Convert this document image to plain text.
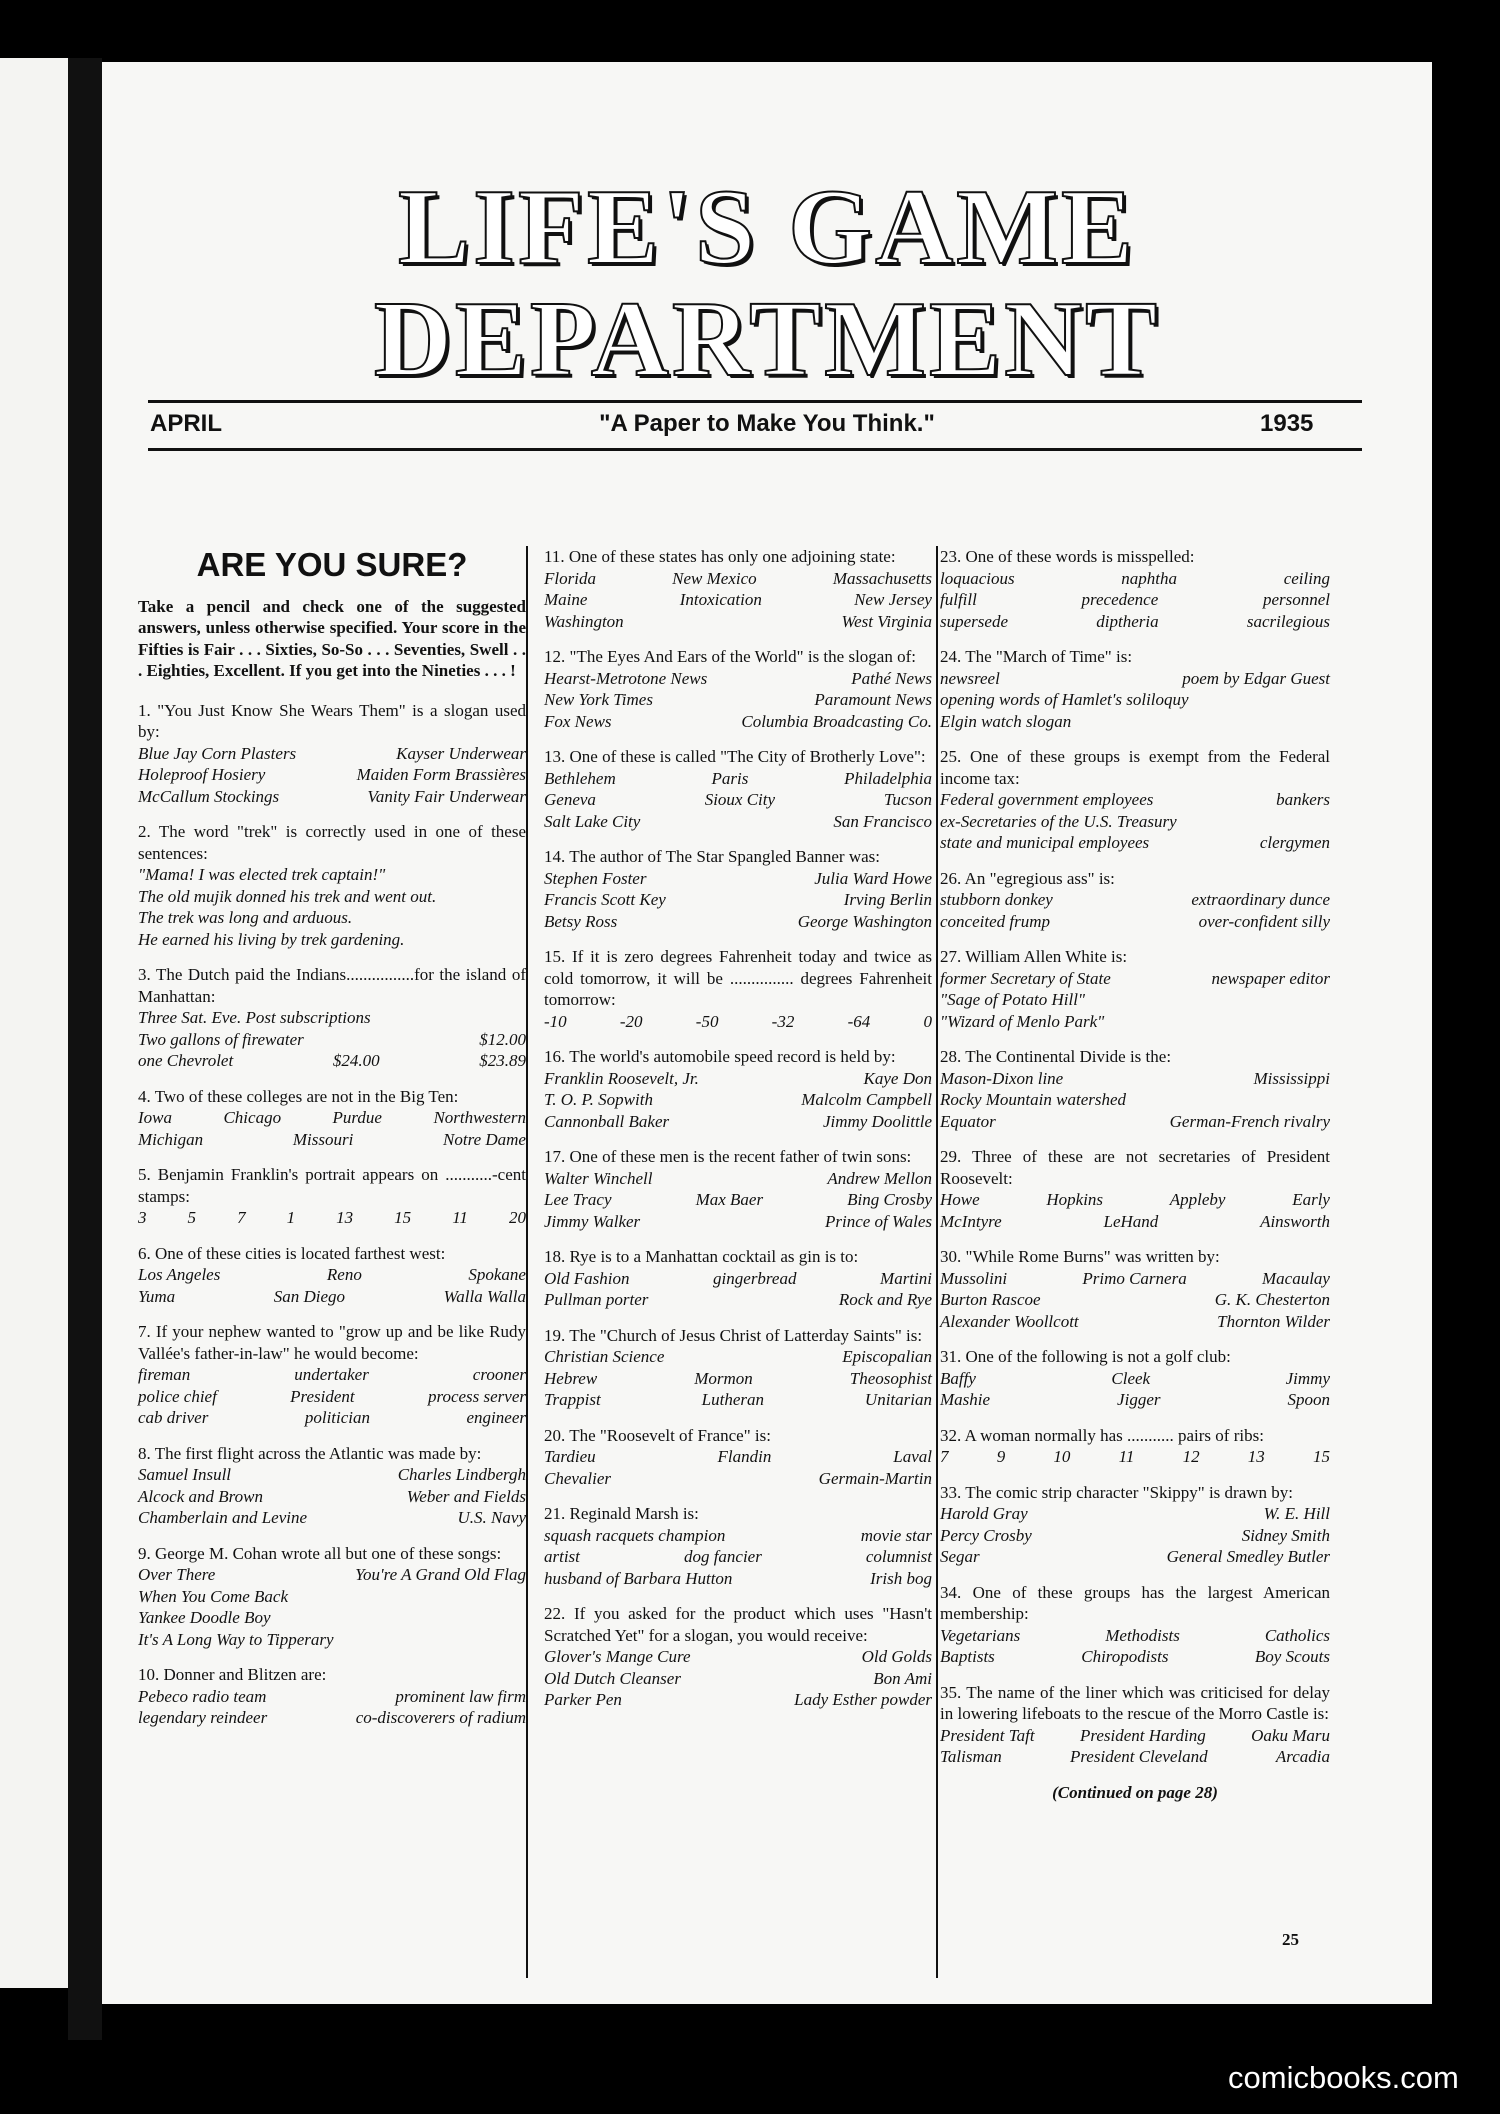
LIFE'S GAME
DEPARTMENT
APRIL	"A Paper to Make You Think."	1935
ARE YOU SURE?
Take a pencil and check one of the suggested answers, unless otherwise specified. Your score in the Fifties is Fair . . . Sixties, So-So . . . Seventies, Swell . . . Eighties, Excellent. If you get into the Nineties . . . !
1. "You Just Know She Wears Them" is a slogan used by:
Blue Jay Corn Plasters	Kayser Underwear
Holeproof Hosiery	Maiden Form Brassières
McCallum Stockings	Vanity Fair Underwear
2. The word "trek" is correctly used in one of these sentences:
"Mama! I was elected trek captain!"
The old mujik donned his trek and went out.
The trek was long and arduous.
He earned his living by trek gardening.
3. The Dutch paid the Indians................for the island of Manhattan:
Three Sat. Eve. Post subscriptions
Two gallons of firewater	$12.00
one Chevrolet	$24.00	$23.89
4. Two of these colleges are not in the Big Ten:
Iowa	Chicago	Purdue	Northwestern
Michigan	Missouri	Notre Dame
5. Benjamin Franklin's portrait appears on ...........-cent stamps:
3 5 7 1 13 15 11 20
6. One of these cities is located farthest west:
Los Angeles	Reno	Spokane
Yuma	San Diego	Walla Walla
7. If your nephew wanted to "grow up and be like Rudy Vallée's father-in-law" he would become:
fireman	undertaker	crooner
police chief	President	process server
cab driver	politician	engineer
8. The first flight across the Atlantic was made by:
Samuel Insull	Charles Lindbergh
Alcock and Brown	Weber and Fields
Chamberlain and Levine	U.S. Navy
9. George M. Cohan wrote all but one of these songs:
Over There	You're A Grand Old Flag
When You Come Back
Yankee Doodle Boy
It's A Long Way to Tipperary
10. Donner and Blitzen are:
Pebeco radio team	prominent law firm
legendary reindeer	co-discoverers of radium
11. One of these states has only one adjoining state:
Florida	New Mexico	Massachusetts
Maine	Intoxication	New Jersey
Washington	West Virginia
12. "The Eyes And Ears of the World" is the slogan of:
Hearst-Metrotone News	Pathé News
New York Times	Paramount News
Fox News	Columbia Broadcasting Co.
13. One of these is called "The City of Brotherly Love":
Bethlehem	Paris	Philadelphia
Geneva	Sioux City	Tucson
Salt Lake City	San Francisco
14. The author of The Star Spangled Banner was:
Stephen Foster	Julia Ward Howe
Francis Scott Key	Irving Berlin
Betsy Ross	George Washington
15. If it is zero degrees Fahrenheit today and twice as cold tomorrow, it will be ............... degrees Fahrenheit tomorrow:
-10	-20	-50	-32	-64	0
16. The world's automobile speed record is held by:
Franklin Roosevelt, Jr.	Kaye Don
T. O. P. Sopwith	Malcolm Campbell
Cannonball Baker	Jimmy Doolittle
17. One of these men is the recent father of twin sons:
Walter Winchell	Andrew Mellon
Lee Tracy	Max Baer	Bing Crosby
Jimmy Walker	Prince of Wales
18. Rye is to a Manhattan cocktail as gin is to:
Old Fashion	gingerbread	Martini
Pullman porter	Rock and Rye
19. The "Church of Jesus Christ of Latterday Saints" is:
Christian Science	Episcopalian
Hebrew	Mormon	Theosophist
Trappist	Lutheran	Unitarian
20. The "Roosevelt of France" is:
Tardieu	Flandin	Laval
Chevalier	Germain-Martin
21. Reginald Marsh is:
squash racquets champion	movie star
artist	dog fancier	columnist
husband of Barbara Hutton	Irish bog
22. If you asked for the product which uses "Hasn't Scratched Yet" for a slogan, you would receive:
Glover's Mange Cure	Old Golds
Old Dutch Cleanser	Bon Ami
Parker Pen	Lady Esther powder
23. One of these words is misspelled:
loquacious	naphtha	ceiling
fulfill	precedence	personnel
supersede	diptheria	sacrilegious
24. The "March of Time" is:
newsreel	poem by Edgar Guest
opening words of Hamlet's soliloquy
Elgin watch slogan
25. One of these groups is exempt from the Federal income tax:
Federal government employees	bankers
ex-Secretaries of the U.S. Treasury
state and municipal employees	clergymen
26. An "egregious ass" is:
stubborn donkey	extraordinary dunce
conceited frump	over-confident silly
27. William Allen White is:
former Secretary of State	newspaper editor
"Sage of Potato Hill"
"Wizard of Menlo Park"
28. The Continental Divide is the:
Mason-Dixon line	Mississippi
Rocky Mountain watershed
Equator	German-French rivalry
29. Three of these are not secretaries of President Roosevelt:
Howe	Hopkins	Appleby	Early
McIntyre	LeHand	Ainsworth
30. "While Rome Burns" was written by:
Mussolini	Primo Carnera	Macaulay
Burton Rascoe	G. K. Chesterton
Alexander Woollcott	Thornton Wilder
31. One of the following is not a golf club:
Baffy	Cleek	Jimmy
Mashie	Jigger	Spoon
32. A woman normally has ........... pairs of ribs:
7	9	10	11	12	13	15
33. The comic strip character "Skippy" is drawn by:
Harold Gray	W. E. Hill
Percy Crosby	Sidney Smith
Segar	General Smedley Butler
34. One of these groups has the largest American membership:
Vegetarians	Methodists	Catholics
Baptists	Chiropodists	Boy Scouts
35. The name of the liner which was criticised for delay in lowering lifeboats to the rescue of the Morro Castle is:
President Taft	President Harding	Oaku Maru
Talisman	President Cleveland	Arcadia
(Continued on page 28)
25
comicbooks.com
